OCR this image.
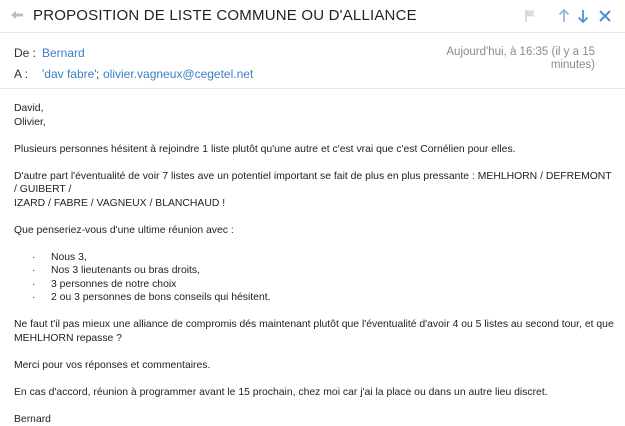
PROPOSITION DE LISTE COMMUNE OU D'ALLIANCE
De : Bernard
A : 'dav fabre' ; olivier.vagneux@cegetel.net
Aujourd'hui, à 16:35 (il y a 15
minutes)

David,

Olivier,

Plusieurs personnes hésitent à rejoindre 1 liste plutôt qu'une autre et c'est vrai que c'est Cornélien pour elles.

D'autre part l'éventualité de voir 7 listes ave un potentiel important se fait de plus en plus pressante : MEHLHORN / DEFREMONT / GUIBERT /

IZARD / FABRE / VAGNEUX / BLANCHAUD !

Que penseriez-vous d'une ultime réunion avec :

· Nous 3,
· Nos 3 lieutenants ou bras droits,
· 3 personnes de notre choix
· 2 ou 3 personnes de bons conseils qui hésitent.

Ne faut t'il pas mieux une alliance de compromis dés maintenant plutôt que l'éventualité d'avoir 4 ou 5 listes au second tour, et que

MEHLHORN repasse ?

Merci pour vos réponses et commentaires.

En cas d'accord, réunion à programmer avant le 15 prochain, chez moi car j'ai la place ou dans un autre lieu discret.

Bernard
